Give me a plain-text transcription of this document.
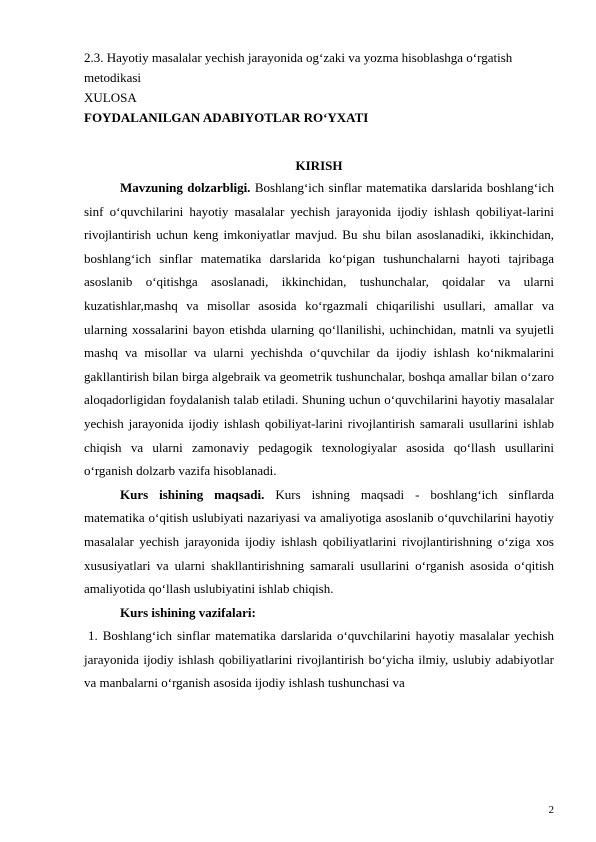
2.3. Hayotiy masalalar yechish jarayonida og‘zaki va yozma hisoblashga o‘rgatish metodikasi
XULOSA
FOYDALANILGAN ADABIYOTLAR RO‘YXATI
KIRISH

Mavzuning dolzarbligi. Boshlang‘ich sinflar matematika darslarida boshlang‘ich sinf o‘quvchilarini hayotiy masalalar yechish jarayonida ijodiy ishlash qobiliyat-larini rivojlantirish uchun keng imkoniyatlar mavjud. Bu shu bilan asoslanadiki, ikkinchidan, boshlang‘ich sinflar matematika darslarida ko‘pigan tushunchalarni hayoti tajribaga asoslanib o‘qitishga asoslanadi, ikkinchidan, tushunchalar, qoidalar va ularni kuzatishlar,mashq va misollar asosida ko‘rgazmali chiqarilishi usullari, amallar va ularning xossalarini bayon etishda ularning qo‘llanilishi, uchinchidan, matnli va syujetli mashq va misollar va ularni yechishda o‘quvchilar da ijodiy ishlash ko‘nikmalarini gakllantirish bilan birga algebraik va geometrik tushunchalar, boshqa amallar bilan o‘zaro aloqadorligidan foydalanish talab etiladi. Shuning uchun o‘quvchilarini hayotiy masalalar yechish jarayonida ijodiy ishlash qobiliyat-larini rivojlantirish samarali usullarini ishlab chiqish va ularni zamonaviy pedagogik texnologiyalar asosida qo‘llash usullarini o‘rganish dolzarb vazifa hisoblanadi.

Kurs ishining maqsadi. Kurs ishning maqsadi - boshlang‘ich sinflarda matematika o‘qitish uslubiyati nazariyasi va amaliyotiga asoslanib o‘quvchilarini hayotiy masalalar yechish jarayonida ijodiy ishlash qobiliyatlarini rivojlantirishning o‘ziga xos xususiyatlari va ularni shakllantirishning samarali usullarini o‘rganish asosida o‘qitish amaliyotida qo‘llash uslubiyatini ishlab chiqish.

Kurs ishining vazifalari:

1. Boshlang‘ich sinflar matematika darslarida o‘quvchilarini hayotiy masalalar yechish jarayonida ijodiy ishlash qobiliyatlarini rivojlantirish bo‘yicha ilmiy, uslubiy adabiyotlar va manbalarni o‘rganish asosida ijodiy ishlash tushunchasi va

2
